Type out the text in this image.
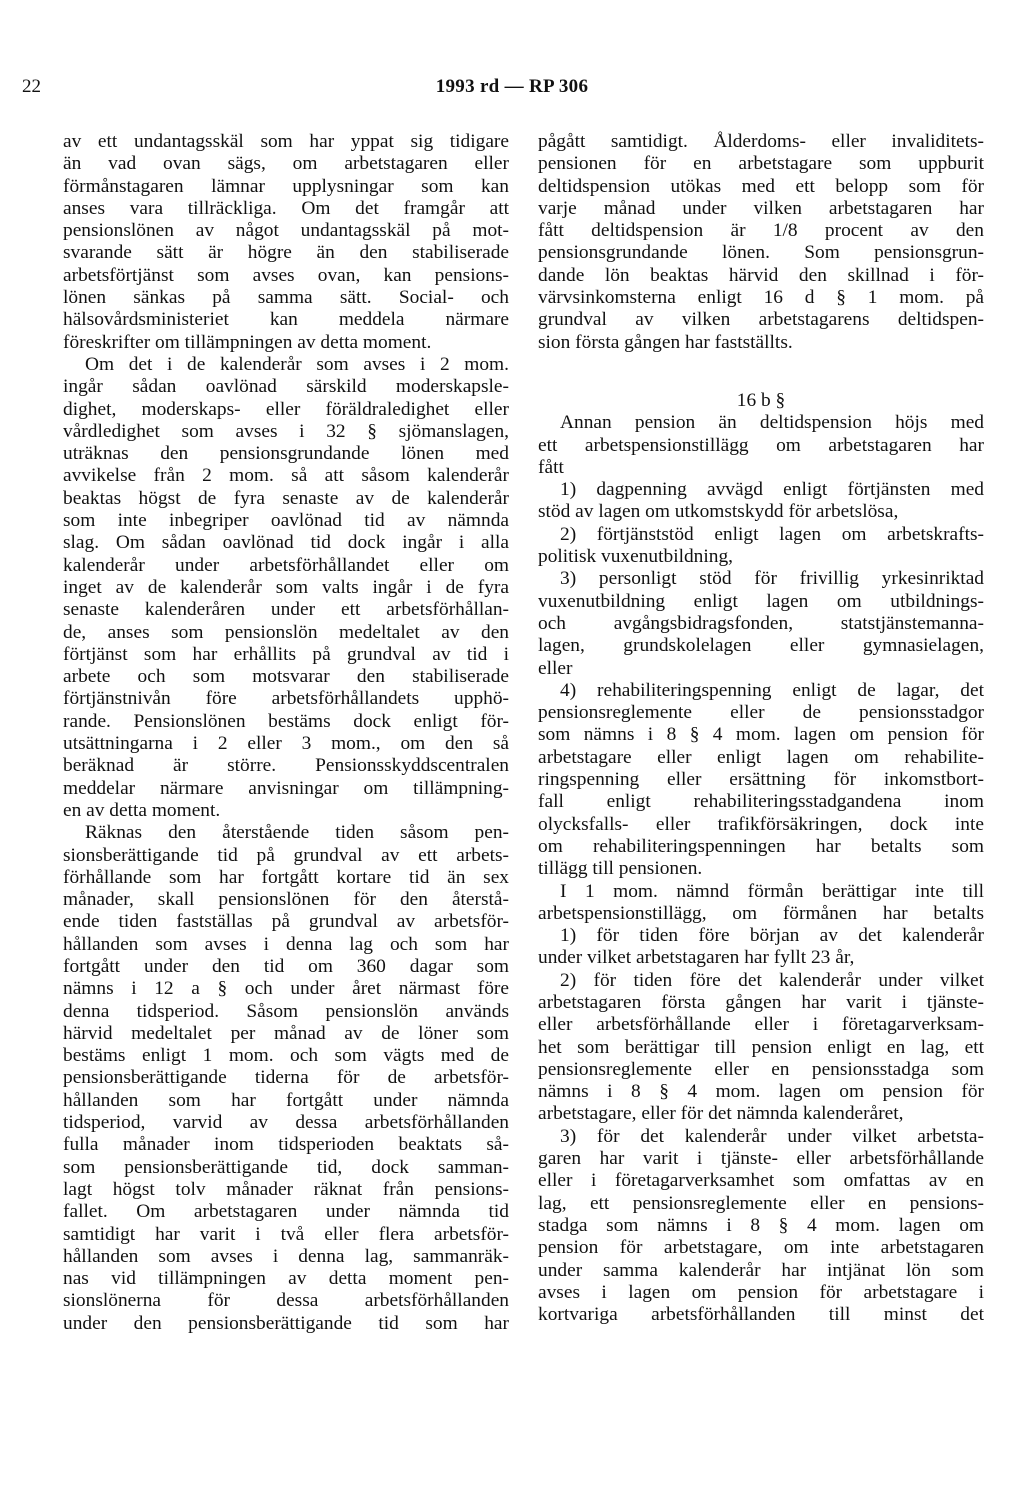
22	1993 rd — RP 306
av ett undantagsskäl som har yppat sig tidigare
än vad ovan sägs, om arbetstagaren eller
förmånstagaren lämnar upplysningar som kan
anses vara tillräckliga. Om det framgår att
pensionslönen av något undantagsskäl på mot-
svarande sätt är högre än den stabiliserade
arbetsförtjänst som avses ovan, kan pensions-
lönen sänkas på samma sätt. Social- och
hälsovårdsministeriet kan meddela närmare
föreskrifter om tillämpningen av detta moment.
Om det i de kalenderår som avses i 2 mom.
ingår sådan oavlönad särskild moderskapsle-
dighet, moderskaps- eller föräldraledighet eller
vårdledighet som avses i 32 § sjömanslagen,
uträknas den pensionsgrundande lönen med
avvikelse från 2 mom. så att såsom kalenderår
beaktas högst de fyra senaste av de kalenderår
som inte inbegriper oavlönad tid av nämnda
slag. Om sådan oavlönad tid dock ingår i alla
kalenderår under arbetsförhållandet eller om
inget av de kalenderår som valts ingår i de fyra
senaste kalenderåren under ett arbetsförhållan-
de, anses som pensionslön medeltalet av den
förtjänst som har erhållits på grundval av tid i
arbete och som motsvarar den stabiliserade
förtjänstnivån före arbetsförhållandets upphö-
rande. Pensionslönen bestäms dock enligt för-
utsättningarna i 2 eller 3 mom., om den så
beräknad är större. Pensionsskyddscentralen
meddelar närmare anvisningar om tillämpning-
en av detta moment.
Räknas den återstående tiden såsom pen-
sionsberättigande tid på grundval av ett arbets-
förhållande som har fortgått kortare tid än sex
månader, skall pensionslönen för den återstå-
ende tiden fastställas på grundval av arbetsför-
hållanden som avses i denna lag och som har
fortgått under den tid om 360 dagar som
nämns i 12 a § och under året närmast före
denna tidsperiod. Såsom pensionslön används
härvid medeltalet per månad av de löner som
bestäms enligt 1 mom. och som vägts med de
pensionsberättigande tiderna för de arbetsför-
hållanden som har fortgått under nämnda
tidsperiod, varvid av dessa arbetsförhållanden
fulla månader inom tidsperioden beaktats så-
som pensionsberättigande tid, dock samman-
lagt högst tolv månader räknat från pensions-
fallet. Om arbetstagaren under nämnda tid
samtidigt har varit i två eller flera arbetsför-
hållanden som avses i denna lag, sammanräk-
nas vid tillämpningen av detta moment pen-
sionslönerna för dessa arbetsförhållanden
under den pensionsberättigande tid som har
pågått samtidigt. Ålderdoms- eller invaliditets-
pensionen för en arbetstagare som uppburit
deltidspension utökas med ett belopp som för
varje månad under vilken arbetstagaren har
fått deltidspension är 1/8 procent av den
pensionsgrundande lönen. Som pensionsgrun-
dande lön beaktas härvid den skillnad i för-
värvsinkomsterna enligt 16 d § 1 mom. på
grundval av vilken arbetstagarens deltidspen-
sion första gången har fastställts.
16 b §
Annan pension än deltidspension höjs med
ett arbetspensionstillägg om arbetstagaren har
fått
1) dagpenning avvägd enligt förtjänsten med
stöd av lagen om utkomstskydd för arbetslösa,
2) förtjänststöd enligt lagen om arbetskrafts-
politisk vuxenutbildning,
3) personligt stöd för frivillig yrkesinriktad
vuxenutbildning enligt lagen om utbildnings-
och avgångsbidragsfonden, statstjänstemanna-
lagen, grundskolelagen eller gymnasielagen,
eller
4) rehabiliteringspenning enligt de lagar, det
pensionsreglemente eller de pensionsstadgor
som nämns i 8 § 4 mom. lagen om pension för
arbetstagare eller enligt lagen om rehabilite-
ringspenning eller ersättning för inkomstbort-
fall enligt rehabiliteringsstadgandena inom
olycksfalls- eller trafikförsäkringen, dock inte
om rehabiliteringspenningen har betalts som
tillägg till pensionen.
I 1 mom. nämnd förmån berättigar inte till
arbetspensionstillägg, om förmånen har betalts
1) för tiden före början av det kalenderår
under vilket arbetstagaren har fyllt 23 år,
2) för tiden före det kalenderår under vilket
arbetstagaren första gången har varit i tjänste-
eller arbetsförhållande eller i företagarverksam-
het som berättigar till pension enligt en lag, ett
pensionsreglemente eller en pensionsstadga som
nämns i 8 § 4 mom. lagen om pension för
arbetstagare, eller för det nämnda kalenderåret,
3) för det kalenderår under vilket arbetsta-
garen har varit i tjänste- eller arbetsförhållande
eller i företagarverksamhet som omfattas av en
lag, ett pensionsreglemente eller en pensions-
stadga som nämns i 8 § 4 mom. lagen om
pension för arbetstagare, om inte arbetstagaren
under samma kalenderår har intjänat lön som
avses i lagen om pension för arbetstagare i
kortvariga arbetsförhållanden till minst det
